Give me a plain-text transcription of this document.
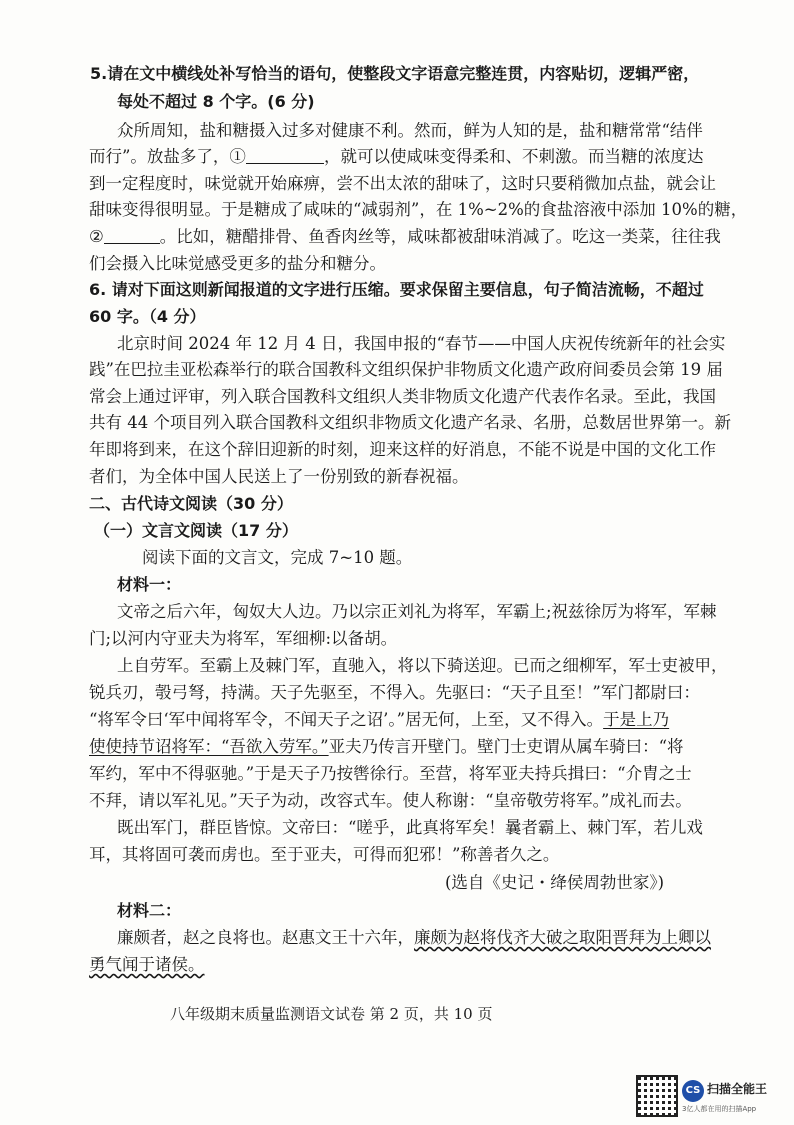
5.请在文中横线处补写恰当的语句，使整段文字语意完整连贯，内容贴切，逻辑严密，
每处不超过 8 个字。(6 分)
众所周知，盐和糖摄入过多对健康不利。然而，鲜为人知的是，盐和糖常常“结伴
而行”。放盐多了，①	，就可以使咸味变得柔和、不刺激。而当糖的浓度达
到一定程度时，味觉就开始麻痹，尝不出太浓的甜味了，这时只要稍微加点盐，就会让
甜味变得很明显。于是糖成了咸味的“减弱剂”，在 1%~2%的食盐溶液中添加 10%的糖，
②	。比如，糖醋排骨、鱼香肉丝等，咸味都被甜味消减了。吃这一类菜，往往我
们会摄入比味觉感受更多的盐分和糖分。
6. 请对下面这则新闻报道的文字进行压缩。要求保留主要信息，句子简洁流畅，不超过
60 字。（4 分）
北京时间 2024 年 12 月 4 日，我国申报的“春节——中国人庆祝传统新年的社会实
践”在巴拉圭亚松森举行的联合国教科文组织保护非物质文化遗产政府间委员会第 19 届
常会上通过评审，列入联合国教科文组织人类非物质文化遗产代表作名录。至此，我国
共有 44 个项目列入联合国教科文组织非物质文化遗产名录、名册，总数居世界第一。新
年即将到来，在这个辞旧迎新的时刻，迎来这样的好消息，不能不说是中国的文化工作
者们，为全体中国人民送上了一份别致的新春祝福。
二、古代诗文阅读（30 分）
（一）文言文阅读（17 分）
阅读下面的文言文，完成 7~10 题。
材料一：
文帝之后六年，匈奴大人边。乃以宗正刘礼为将军，军霸上;祝兹徐厉为将军，军棘
门;以河内守亚夫为将军，军细柳:以备胡。
上自劳军。至霸上及棘门军，直驰入，将以下骑送迎。已而之细柳军，军士吏被甲，
锐兵刃，彀弓弩，持满。天子先驱至，不得入。先驱曰：“天子且至！”军门都尉曰：
“将军令曰‘军中闻将军令，不闻天子之诏’。”居无何，上至，又不得入。于是上乃
使使持节诏将军：“吾欲入劳军。”亚夫乃传言开壁门。壁门士吏谓从属车骑曰：“将
军约，军中不得驱驰。”于是天子乃按辔徐行。至营，将军亚夫持兵揖曰：“介胄之士
不拜，请以军礼见。”天子为动，改容式车。使人称谢：“皇帝敬劳将军。”成礼而去。
既出军门，群臣皆惊。文帝曰：“嗟乎，此真将军矣！曩者霸上、棘门军，若儿戏
耳，其将固可袭而虏也。至于亚夫，可得而犯邪！”称善者久之。
(选自《史记・绛侯周勃世家》)
材料二：
廉颇者，赵之良将也。赵惠文王十六年，廉颇为赵将伐齐大破之取阳晋拜为上卿以
勇气闻于诸侯。
八年级期末质量监测语文试卷 第 2 页，共 10 页
CS 扫描全能王
3亿人都在用的扫描App
